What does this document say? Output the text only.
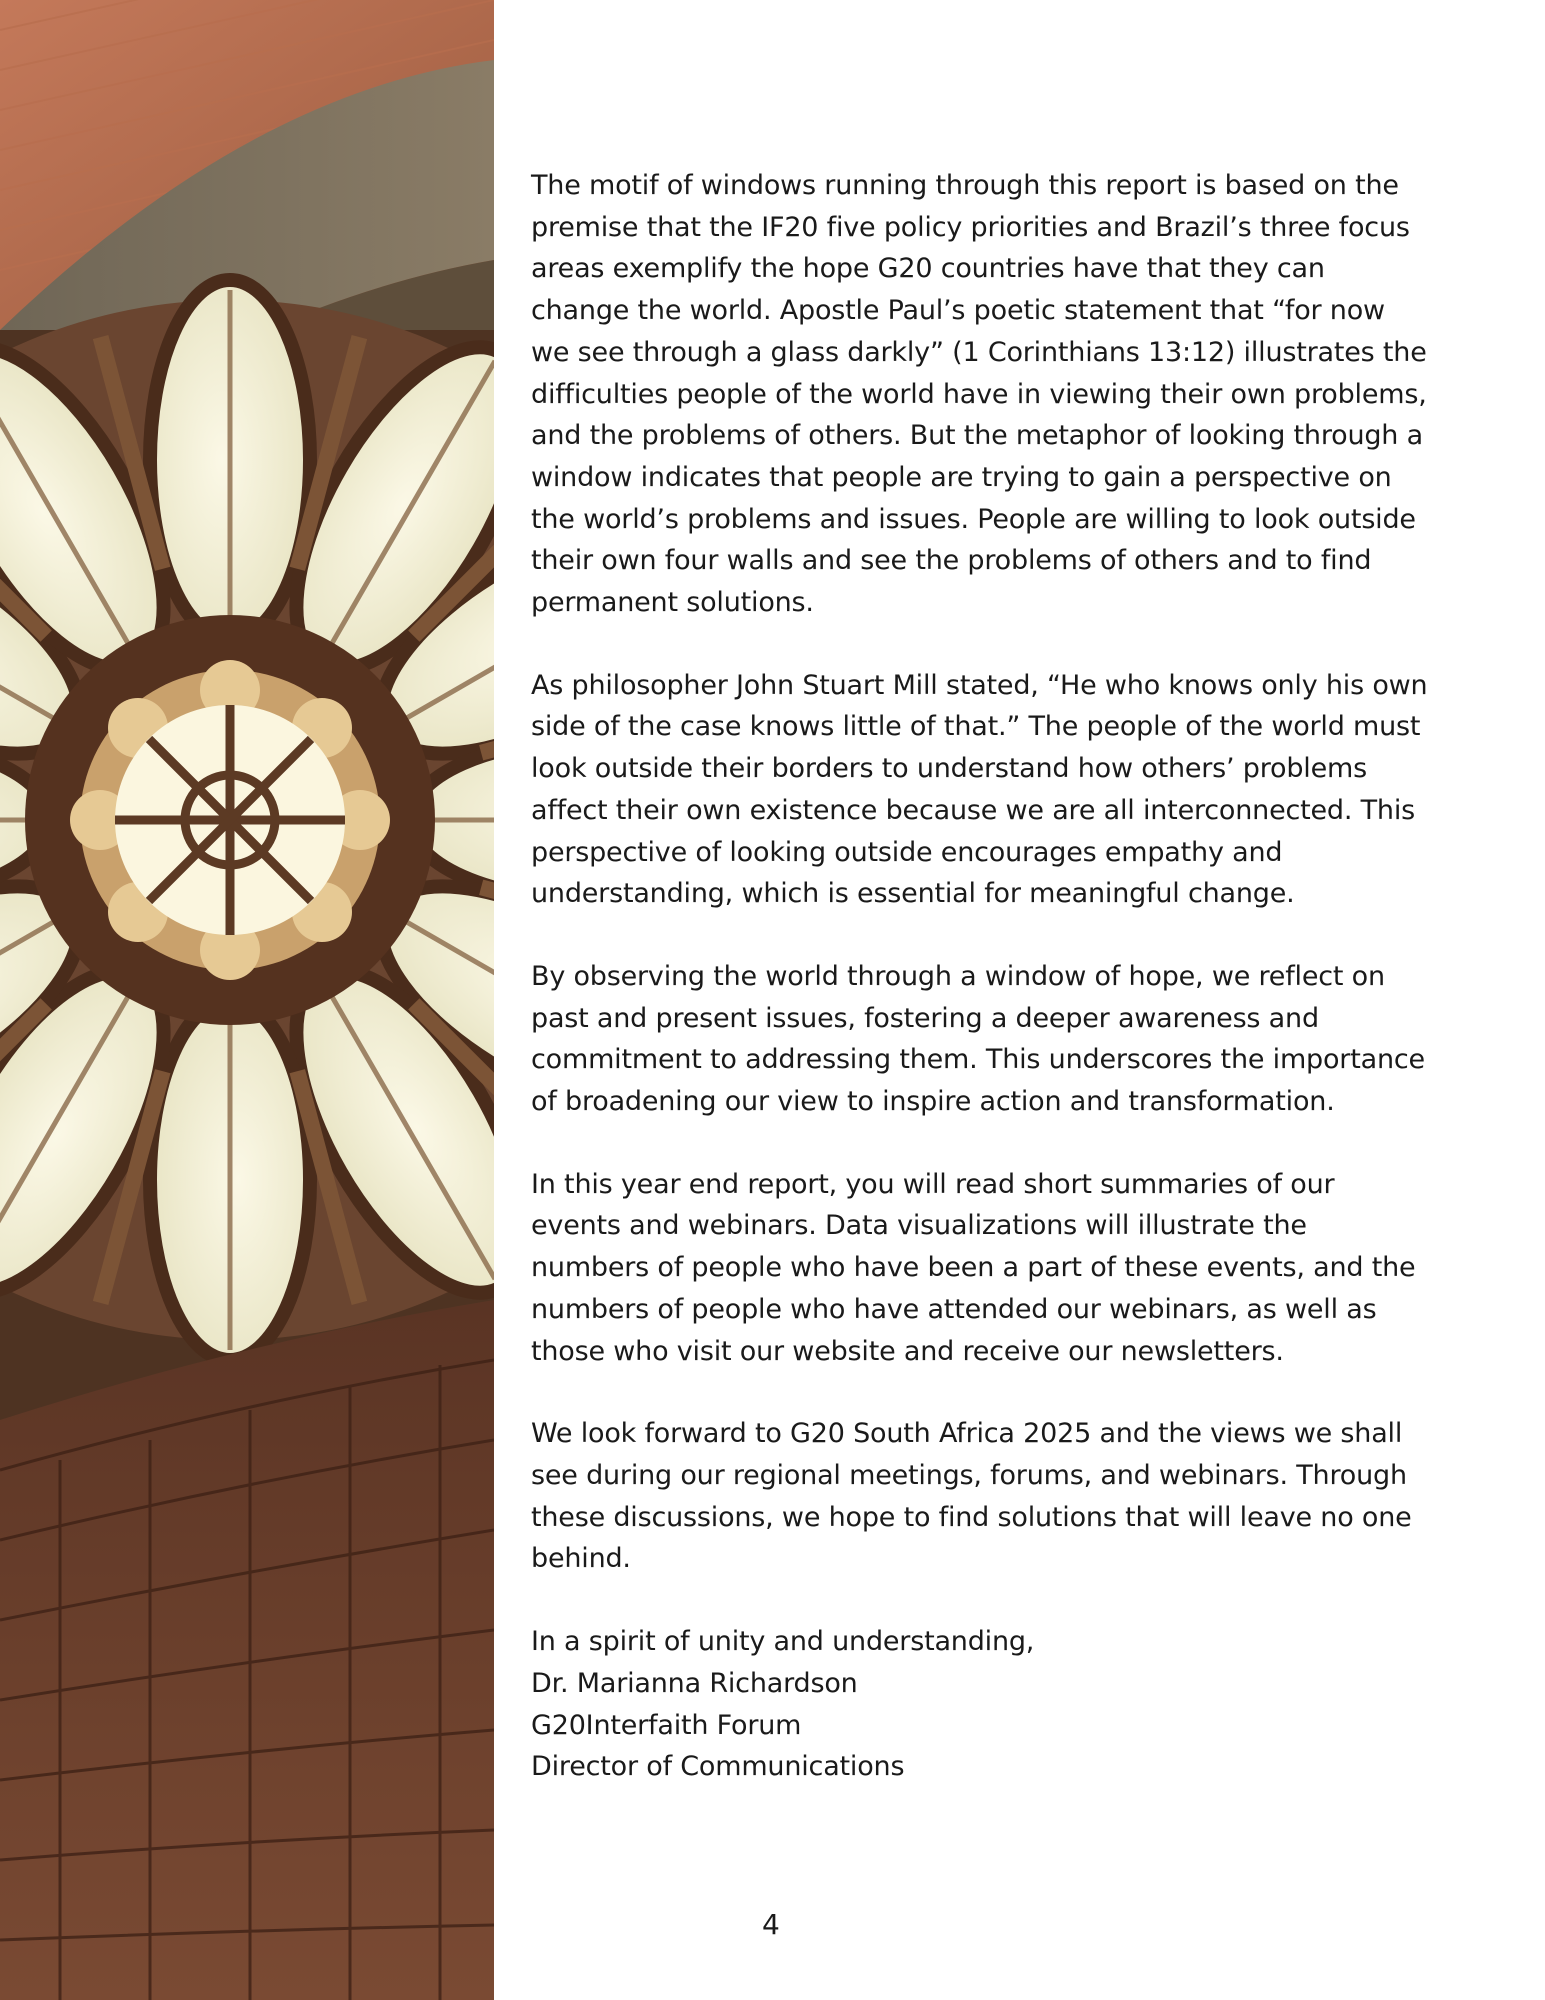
The motif of windows running through this report is based on the premise that the IF20 five policy priorities and Brazil’s three focus areas exemplify the hope G20 countries have that they can change the world. Apostle Paul’s poetic statement that “for now we see through a glass darkly” (1 Corinthians 13:12) illustrates the difficulties people of the world have in viewing their own problems, and the problems of others. But the metaphor of looking through a window indicates that people are trying to gain a perspective on the world’s problems and issues. People are willing to look outside their own four walls and see the problems of others and to find permanent solutions.

As philosopher John Stuart Mill stated, “He who knows only his own side of the case knows little of that.” The people of the world must look outside their borders to understand how others’ problems affect their own existence because we are all interconnected. This perspective of looking outside encourages empathy and understanding, which is essential for meaningful change.

By observing the world through a window of hope, we reflect on past and present issues, fostering a deeper awareness and commitment to addressing them. This underscores the importance of broadening our view to inspire action and transformation.

In this year end report, you will read short summaries of our events and webinars. Data visualizations will illustrate the numbers of people who have been a part of these events, and the numbers of people who have attended our webinars, as well as those who visit our website and receive our newsletters.

We look forward to G20 South Africa 2025 and the views we shall see during our regional meetings, forums, and webinars. Through these discussions, we hope to find solutions that will leave no one behind.

In a spirit of unity and understanding,
Dr. Marianna Richardson
G20Interfaith Forum
Director of Communications
4
